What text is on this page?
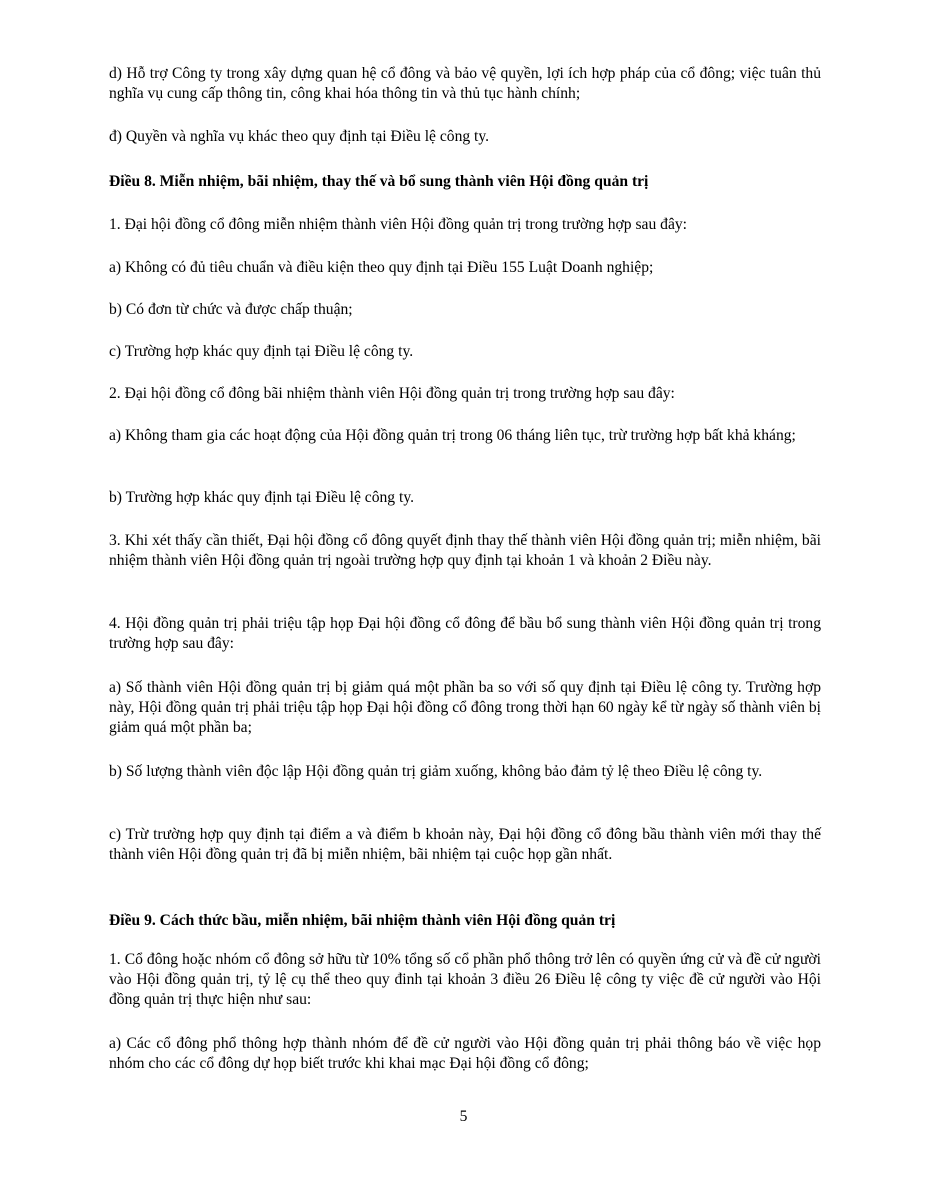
d) Hỗ trợ Công ty trong xây dựng quan hệ cổ đông và bảo vệ quyền, lợi ích hợp pháp của cổ đông; việc tuân thủ nghĩa vụ cung cấp thông tin, công khai hóa thông tin và thủ tục hành chính;

đ) Quyền và nghĩa vụ khác theo quy định tại Điều lệ công ty.

Điều 8. Miễn nhiệm, bãi nhiệm, thay thế và bổ sung thành viên Hội đồng quản trị

1. Đại hội đồng cổ đông miễn nhiệm thành viên Hội đồng quản trị trong trường hợp sau đây:

a) Không có đủ tiêu chuẩn và điều kiện theo quy định tại Điều 155 Luật Doanh nghiệp;

b) Có đơn từ chức và được chấp thuận;

c) Trường hợp khác quy định tại Điều lệ công ty.

2. Đại hội đồng cổ đông bãi nhiệm thành viên Hội đồng quản trị trong trường hợp sau đây:

a) Không tham gia các hoạt động của Hội đồng quản trị trong 06 tháng liên tục, trừ trường hợp bất khả kháng;

b) Trường hợp khác quy định tại Điều lệ công ty.

3. Khi xét thấy cần thiết, Đại hội đồng cổ đông quyết định thay thế thành viên Hội đồng quản trị; miễn nhiệm, bãi nhiệm thành viên Hội đồng quản trị ngoài trường hợp quy định tại khoản 1 và khoản 2 Điều này.

4. Hội đồng quản trị phải triệu tập họp Đại hội đồng cổ đông để bầu bổ sung thành viên Hội đồng quản trị trong trường hợp sau đây:

a) Số thành viên Hội đồng quản trị bị giảm quá một phần ba so với số quy định tại Điều lệ công ty. Trường hợp này, Hội đồng quản trị phải triệu tập họp Đại hội đồng cổ đông trong thời hạn 60 ngày kể từ ngày số thành viên bị giảm quá một phần ba;

b) Số lượng thành viên độc lập Hội đồng quản trị giảm xuống, không bảo đảm tỷ lệ theo Điều lệ công ty.

c) Trừ trường hợp quy định tại điểm a và điểm b khoản này, Đại hội đồng cổ đông bầu thành viên mới thay thế thành viên Hội đồng quản trị đã bị miễn nhiệm, bãi nhiệm tại cuộc họp gần nhất.

Điều 9. Cách thức bầu, miễn nhiệm, bãi nhiệm thành viên Hội đồng quản trị

1. Cổ đông hoặc nhóm cổ đông sở hữu từ 10% tổng số cổ phần phổ thông trở lên có quyền ứng cử và đề cử người vào Hội đồng quản trị, tỷ lệ cụ thể theo quy đinh tại khoản 3 điều 26 Điều lệ công ty việc đề cử người vào Hội đồng quản trị thực hiện như sau:

a) Các cổ đông phổ thông hợp thành nhóm để đề cử người vào Hội đồng quản trị phải thông báo về việc họp nhóm cho các cổ đông dự họp biết trước khi khai mạc Đại hội đồng cổ đông;

5
